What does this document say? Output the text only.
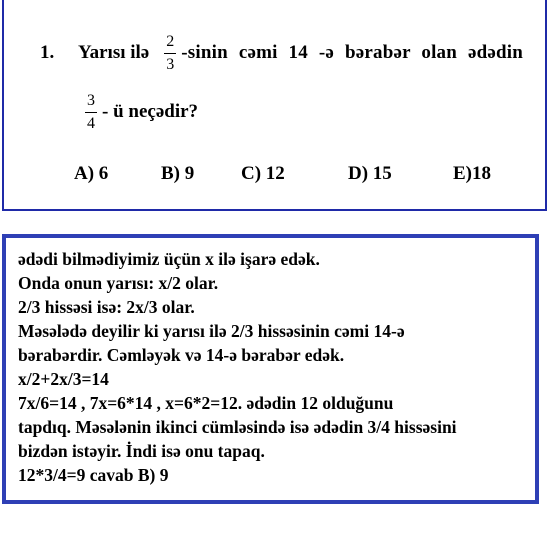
1.	Yarısı ilə $\frac{2}{3}$ -sinin cəmi 14 -ə bərabər olan ədədin
$\frac{3}{4}$ - ü neçədir?
A) 6	B) 9 C) 12	D) 15	E)18
ədədi bilmədiyimiz üçün x ilə işarə edək.
Onda onun yarısı: x/2 olar.
2/3 hissəsi isə: 2x/3 olar.
Məsələdə deyilir ki yarısı ilə 2/3 hissəsinin cəmi 14-ə
bərabərdir. Cəmləyək və 14-ə bərabər edək.
x/2+2x/3=14
7x/6=14 , 7x=6*14 , x=6*2=12. ədədin 12 olduğunu
tapdıq. Məsələnin ikinci cümləsində isə ədədin 3/4 hissəsini
bizdən istəyir. İndi isə onu tapaq.
12*3/4=9 cavab B) 9
